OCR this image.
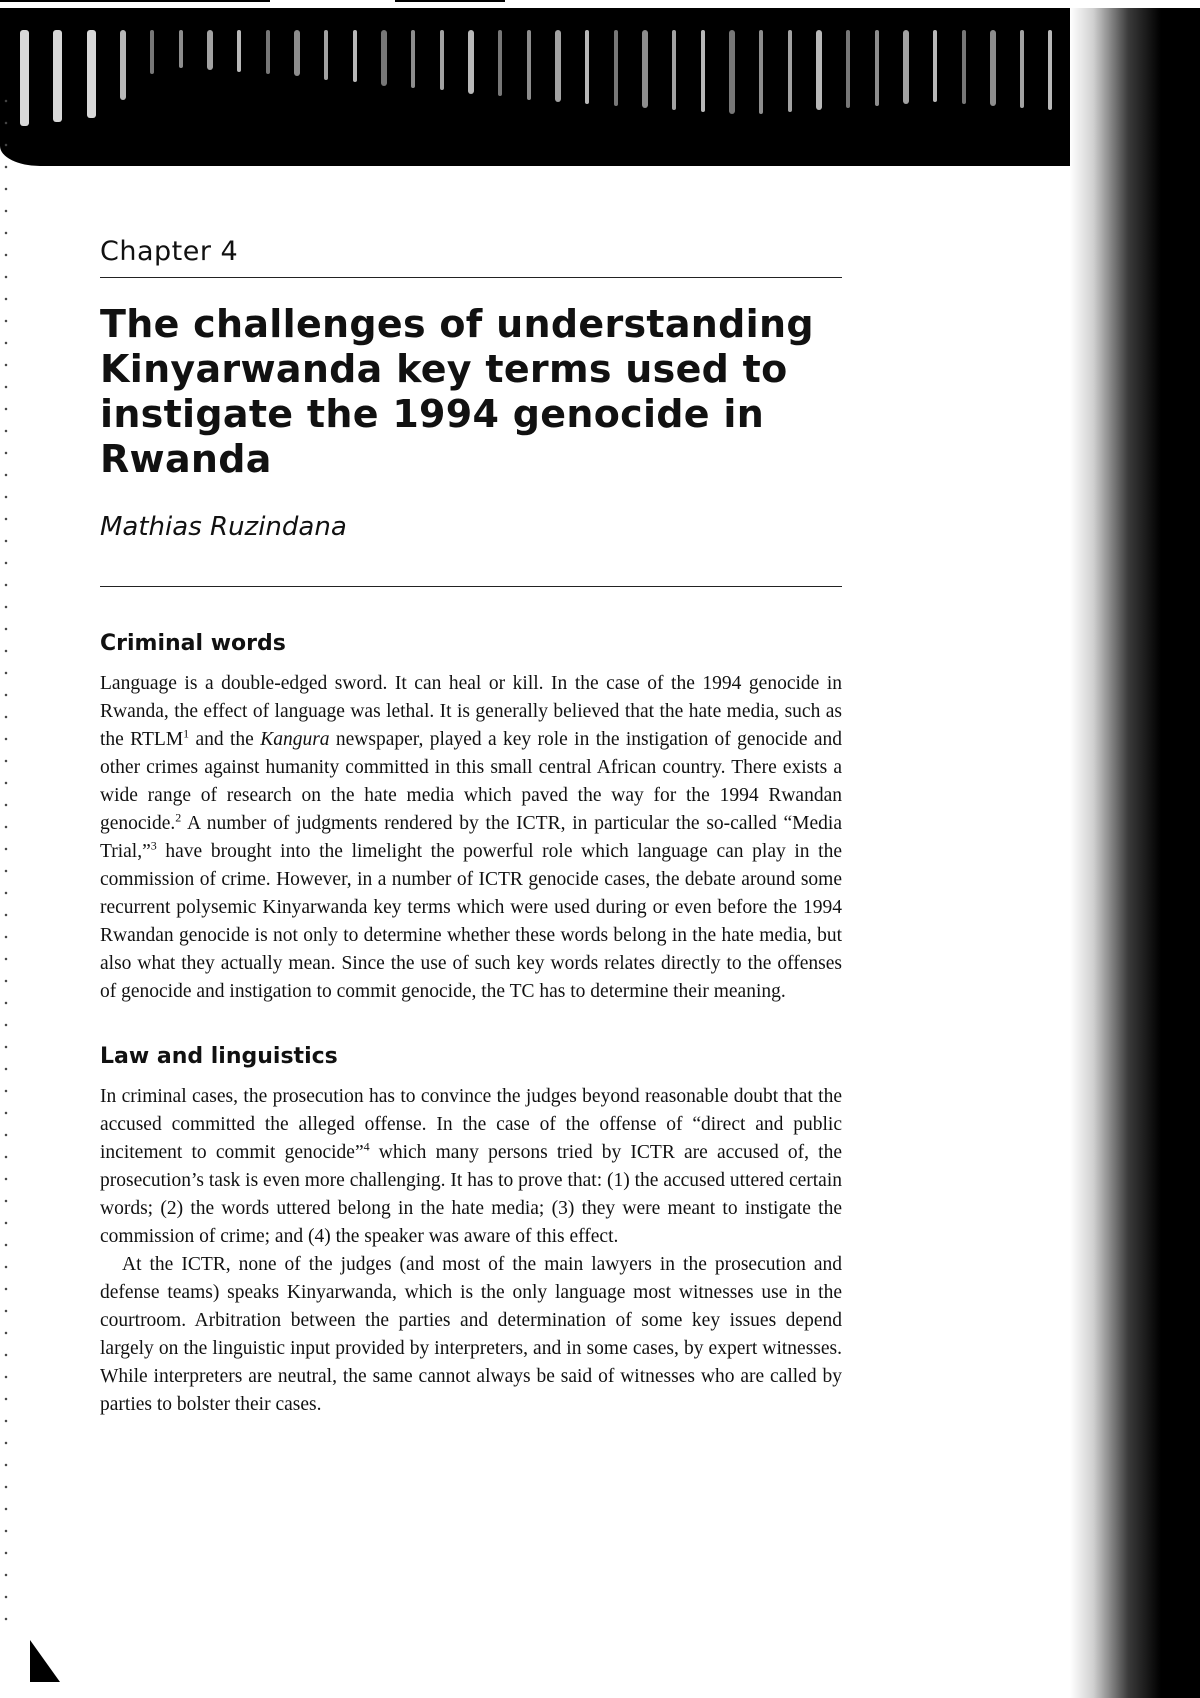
Chapter 4
The challenges of understanding Kinyarwanda key terms used to instigate the 1994 genocide in Rwanda

Mathias Ruzindana

Criminal words

Language is a double-edged sword. It can heal or kill. In the case of the 1994 genocide in Rwanda, the effect of language was lethal. It is generally believed that the hate media, such as the RTLM$^1$ and the Kangura newspaper, played a key role in the instigation of genocide and other crimes against humanity committed in this small central African country. There exists a wide range of research on the hate media which paved the way for the 1994 Rwandan genocide.$^2$ A number of judgments rendered by the ICTR, in particular the so-called “Media Trial,”$^3$ have brought into the limelight the powerful role which language can play in the commission of crime. However, in a number of ICTR genocide cases, the debate around some recurrent polysemic Kinyarwanda key terms which were used during or even before the 1994 Rwandan genocide is not only to determine whether these words belong in the hate media, but also what they actually mean. Since the use of such key words relates directly to the offenses of genocide and instigation to commit genocide, the TC has to determine their meaning.

Law and linguistics

In criminal cases, the prosecution has to convince the judges beyond reasonable doubt that the accused committed the alleged offense. In the case of the offense of “direct and public incitement to commit genocide”$^4$ which many persons tried by ICTR are accused of, the prosecution’s task is even more challenging. It has to prove that: (1) the accused uttered certain words; (2) the words uttered belong in the hate media; (3) they were meant to instigate the commission of crime; and (4) the speaker was aware of this effect.

At the ICTR, none of the judges (and most of the main lawyers in the prosecution and defense teams) speaks Kinyarwanda, which is the only language most witnesses use in the courtroom. Arbitration between the parties and determination of some key issues depend largely on the linguistic input provided by interpreters, and in some cases, by expert witnesses. While interpreters are neutral, the same cannot always be said of witnesses who are called by parties to bolster their cases.
